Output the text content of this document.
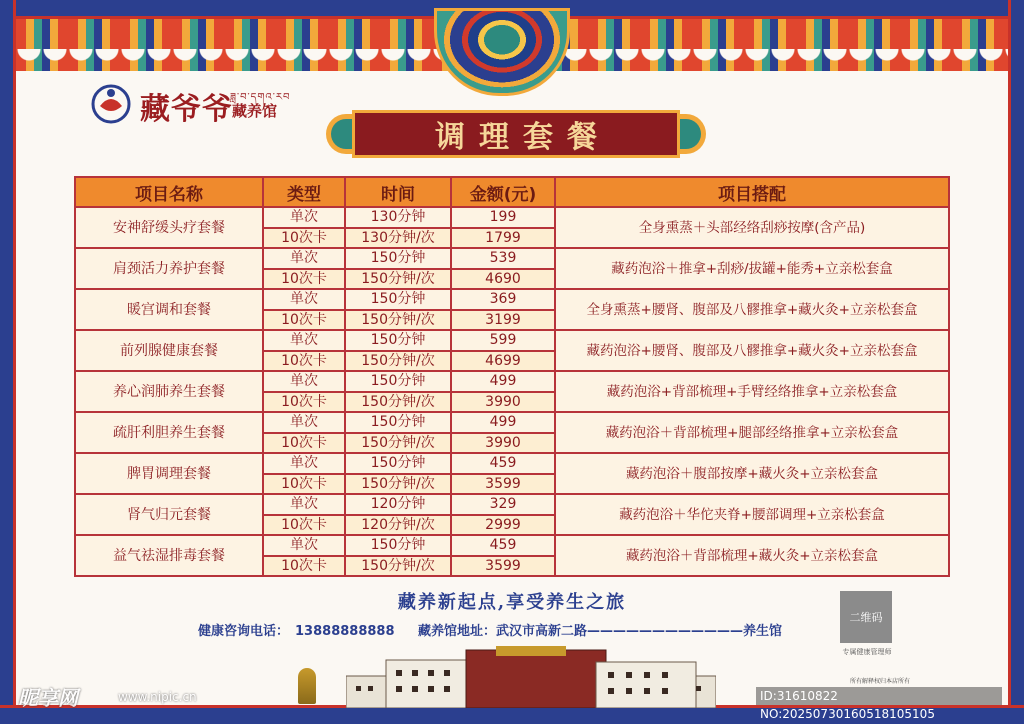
藏爷爷
ཟླ་བ་དགའ་རབ
藏养馆
调理套餐
项目名称	类型	时间	金额(元)	项目搭配
安神舒缓头疗套餐	单次	130分钟	199	全身熏蒸＋头部经络刮痧按摩(含产品)
	10次卡	130分钟/次	1799	
肩颈活力养护套餐	单次	150分钟	539	藏药泡浴＋推拿+刮痧/拔罐+能秀+立亲松套盒
	10次卡	150分钟/次	4690	
暖宫调和套餐	单次	150分钟	369	全身熏蒸+腰肾、腹部及八髎推拿+藏火灸+立亲松套盒
	10次卡	150分钟/次	3199	
前列腺健康套餐	单次	150分钟	599	藏药泡浴+腰肾、腹部及八髎推拿+藏火灸+立亲松套盒
	10次卡	150分钟/次	4699	
养心润肺养生套餐	单次	150分钟	499	藏药泡浴+背部梳理+手臂经络推拿+立亲松套盒
	10次卡	150分钟/次	3990	
疏肝利胆养生套餐	单次	150分钟	499	藏药泡浴＋背部梳理+腿部经络推拿+立亲松套盒
	10次卡	150分钟/次	3990	
脾胃调理套餐	单次	150分钟	459	藏药泡浴＋腹部按摩+藏火灸+立亲松套盒
	10次卡	150分钟/次	3599	
肾气归元套餐	单次	120分钟	329	藏药泡浴＋华佗夹脊+腰部调理+立亲松套盒
	10次卡	120分钟/次	2999	
益气祛湿排毒套餐	单次	150分钟	459	藏药泡浴＋背部梳理+藏火灸+立亲松套盒
	10次卡	150分钟/次	3599	
藏养新起点,享受养生之旅
健康咨询电话： 13888888888	藏养馆地址：武汉市高新二路————————————养生馆
二维码
专属健康管理师
所有解释权归本店所有
昵享网	www.nipic.cn	ID:31610822 NO:20250730160518105105
